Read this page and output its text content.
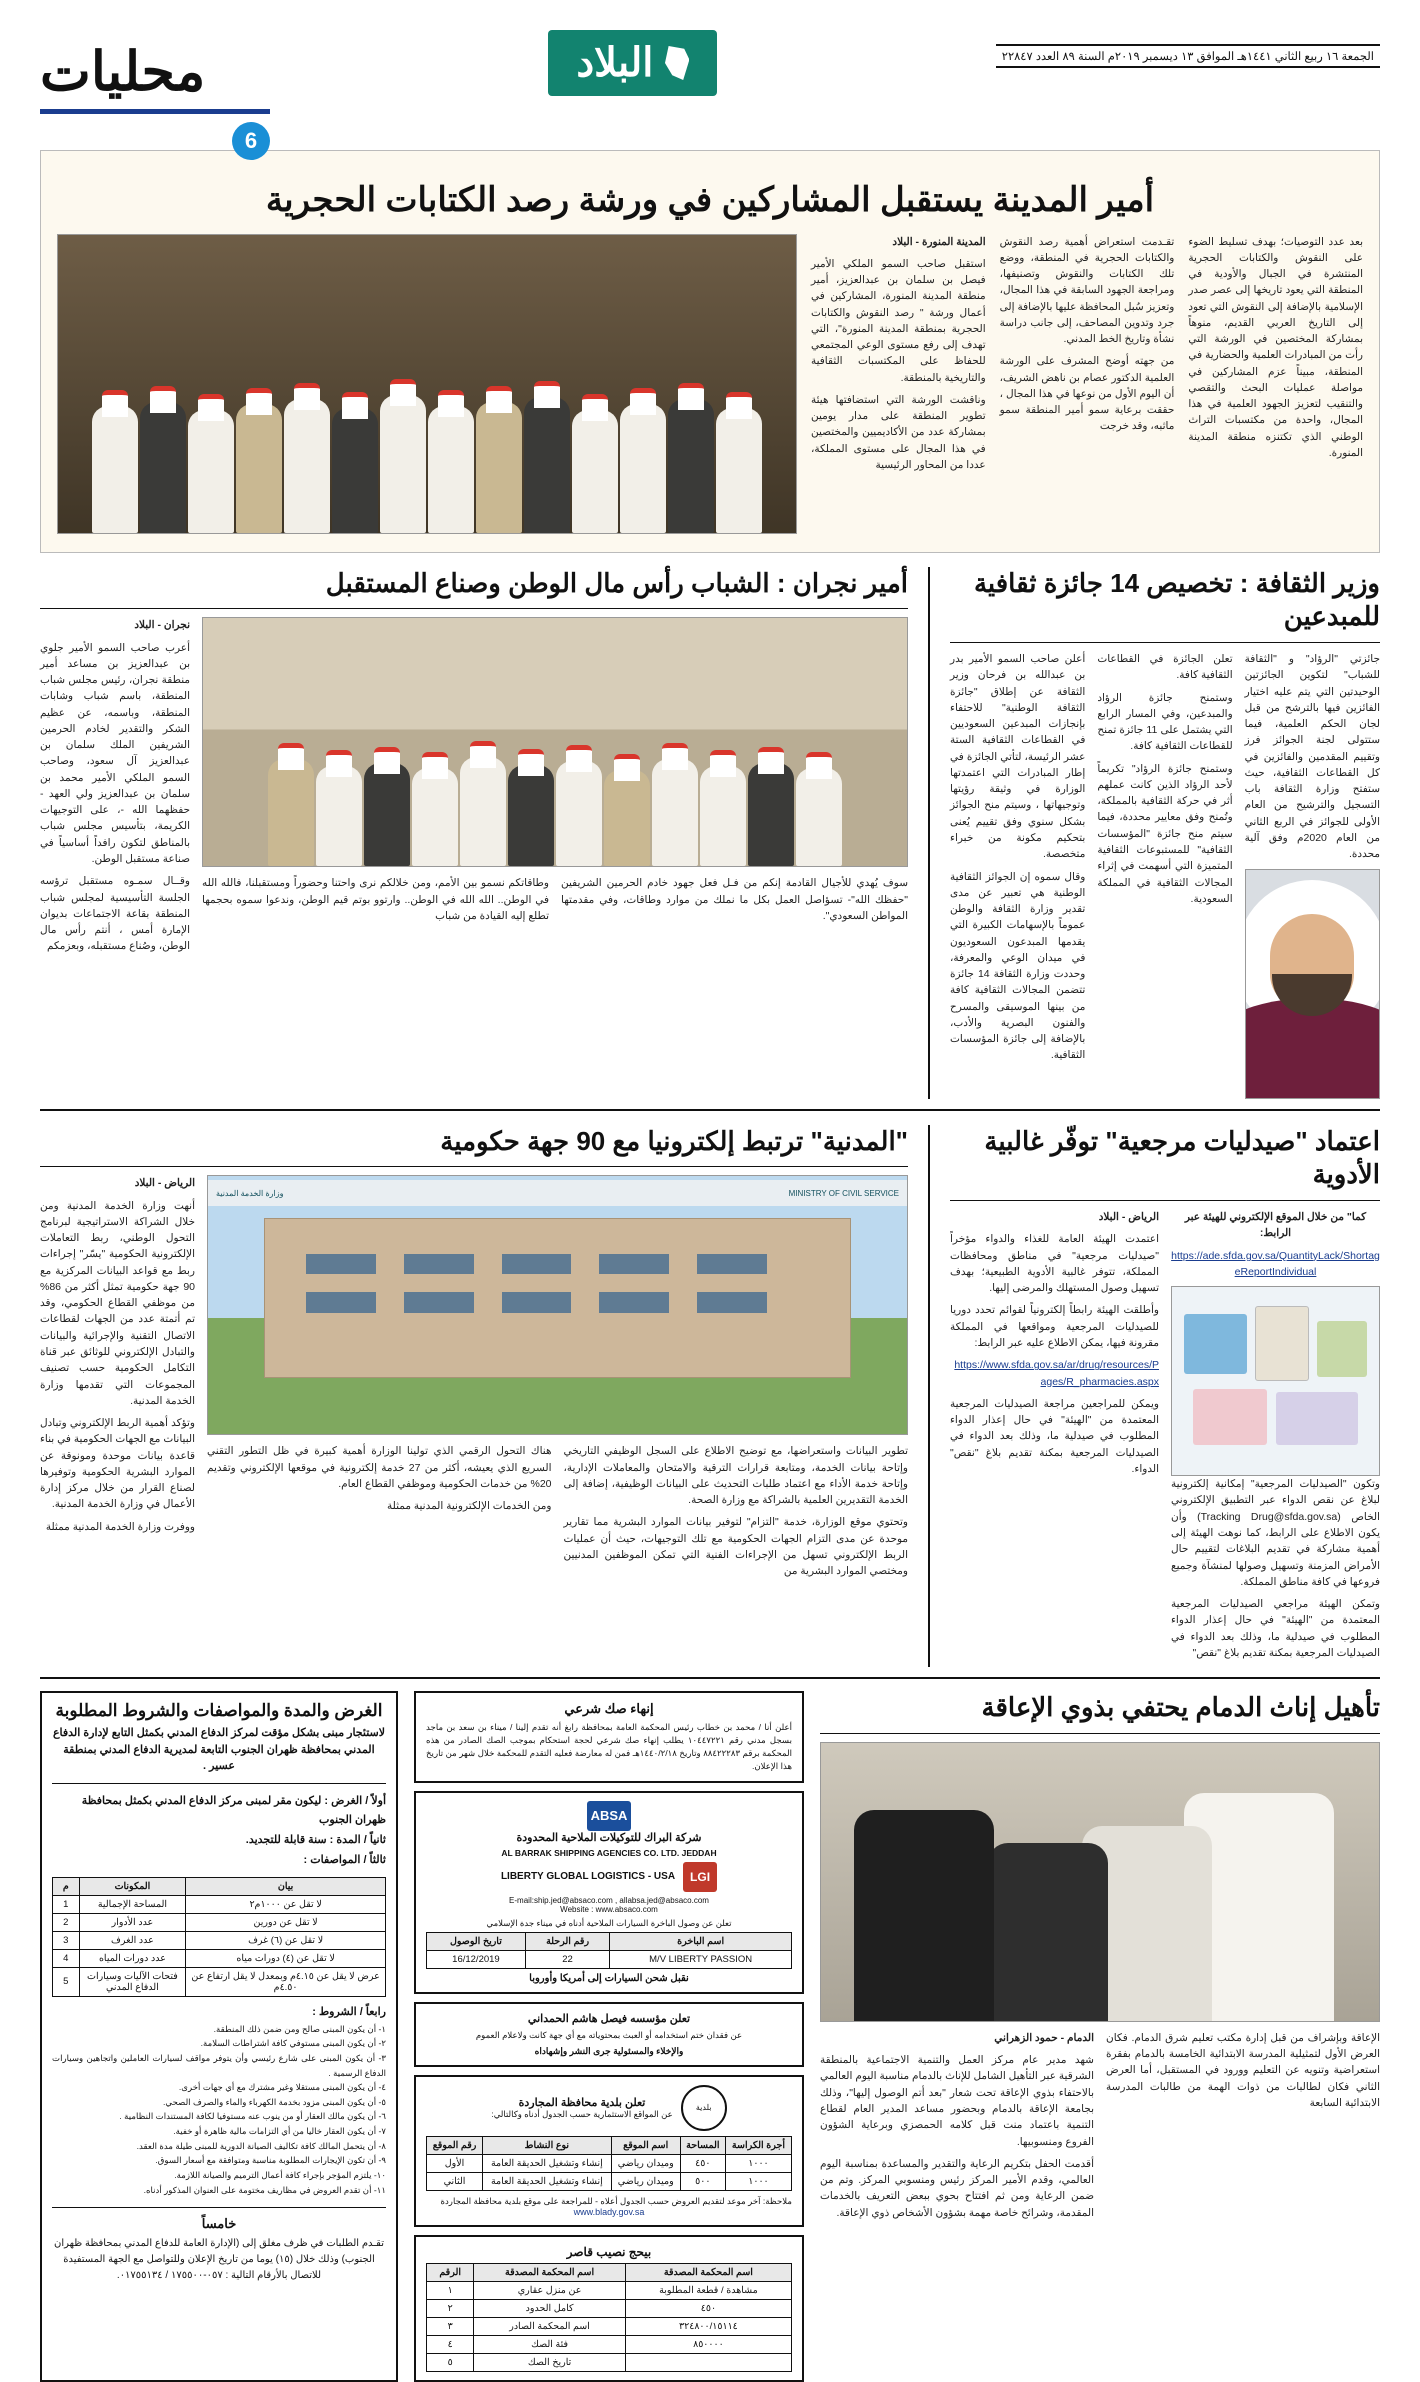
الجمعة ١٦ ربيع الثاني ١٤٤١هـ الموافق ١٣ ديسمبر ٢٠١٩م السنة ٨٩ العدد ٢٢٨٤٧
البلاد
محليات
6
أمير المدينة يستقبل المشاركين في ورشة رصد الكتابات الحجرية

بعد عدد التوصيات؛ بهدف تسليط الضوء على النقوش والكتابات الحجرية المنتشرة في الجبال والأودية في المنطقة التي يعود تاريخها إلى عصر صدر الإسلامية بالإضافة إلى النقوش التي تعود إلى التاريخ العربي القديم، منوهاً بمشاركة المختصين في الورشة التي رأت من المبادرات العلمية والحضارية في المنطقة، مبيناً عزم المشاركين في مواصلة عمليات البحث والتقصي والتنقيب لتعزيز الجهود العلمية في هذا المجال، واحدة من مكتسبات التراث الوطني الذي تكتنزه منطقة المدينة المنورة.

تقـدمت استعراض أهمية رصد النقوش والكتابات الحجرية في المنطقة، ووضع تلك الكتابات والنقوش وتصنيفها، ومراجعة الجهود السابقة في هذا المجال، وتعزيز سُبل المحافظة عليها بالإضافة إلى جرد وتدوين المصاحف، إلى جانب دراسة نشأة وتاريخ الخط المدني.

من جهته أوضح المشرف على الورشة العلمية الدكتور عصام بن ناهض الشريف، أن اليوم الأول من نوعها في هذا المجال ، حققت برعاية سمو أمير المنطقة سمو ماثبه، وقد خرجت

المدينة المنورة - البلاد

استقبل صاحب السمو الملكي الأمير فيصل بن سلمان بن عبدالعزيز، أمير منطقة المدينة المنورة، المشاركين في أعمال ورشة " رصد النقوش والكتابات الحجرية بمنطقة المدينة المنورة"، التي تهدف إلى رفع مستوى الوعي المجتمعي للحفاظ على المكتسبات الثقافية والتاريخية بالمنطقة.

وناقشت الورشة التي استضافتها هيئة تطوير المنطقة على مدار يومين بمشاركة عدد من الأكاديميين والمختصين في هذا المجال على مستوى المملكة، عددا من المحاور الرئيسية

وزير الثقافة : تخصيص 14 جائزة ثقافية للمبدعين

جائزتي "الرؤاد" و "الثقافة للشباب" لتكوين الجائزتين الوحيدتين التي يتم عليه اختيار الفائزين فيها بالترشح من قبل لجان الحكم العلمية، فيما ستتولى لجنة الجوائز فرز وتقييم المقدمين والفائزين في كل القطاعات الثقافية، حيث ستفتح وزارة الثقافة باب التسجيل والترشيح من العام الأولى للجوائز في الربع الثاني من العام 2020م وفق آلية محددة.

تعلن الجائزة في القطاعات الثقافية كافة.

وستمنح جائزة الرؤاد والمبدعين، وفي المسار الرابع التي يشتمل على 11 جائزة تمنح للقطاعات الثقافية كافة.

وستمنح جائزة الرؤاد" تكريماً لأحد الرؤاد الذين كانت عملهم أثر في حركة الثقافية بالمملكة، وتُمنح وفق معايير محددة، فيما سيتم منح جائزة "المؤسسات الثقافية" للمستبوعات الثقافية المتميزة التي أسهمت في إثراء المجالات الثقافية في المملكة السعودية.

أعلن صاحب السمو الأمير بدر بن عبدالله بن فرحان وزير الثقافة عن إطلاق "جائزة الثقافة الوطنية" للاحتفاء بإنجازات المبدعين السعوديين في القطاعات الثقافية الستة عشر الرئيسة، لتأتي الجائزة في إطار المبادرات التي اعتمدتها الوزارة في وثيقة رؤيتها وتوجيهاتها ، وسيتم منح الجوائز بشكل سنوي وفق تقييم يُعنى بتحكيم مكونة من خبراء متخصصة.

وقال سموه إن الجوائز الثقافية الوطنية هي تعبير عن مدى تقدير وزارة الثقافة والوطن عموماً بالإسهامات الكبيرة التي يقدمها المبدعون السعوديون في ميدان الوعي والمعرفة، وحددت وزارة الثقافة 14 جائزة تتضمن المجالات الثقافية كافة من بينها الموسيقى والمسرح والفنون البصرية والأدب، بالإضافة إلى جائزة المؤسسات الثقافية.

أمير نجران : الشباب رأس مال الوطن وصناع المستقبل

سوف يُهدي للأجيال القادمة إنكم من فـل فعل جهود خادم الحرمين الشريفين "حفظك الله"- تسؤاصل العمل بكل ما نملك من موارد وطاقات، وفي مقدمتها المواطن السعودي".

وطاقاتكم نسمو بين الأمم، ومن خلالكم نرى واحتنا وحضوراً ومستقبلنا، فالله الله في الوطن.. الله الله في الوطن.. وارتوو بوتم قيم الوطن، وندعوا سموه بحجمها تطلع إليه القيادة من شباب

نجران - البلاد

أعرب صاحب السمو الأمير جلوي بن عبدالعزيز بن مساعد أمير منطقة نجران، رئيس مجلس شباب المنطقة، باسم شباب وشابات المنطقة، وباسمه، عن عظيم الشكر والتقدير لخادم الحرمين الشريفين الملك سلمان بن عبدالعزيز آل سعود، وصاحب السمو الملكي الأمير محمد بن سلمان بن عبدالعزيز ولي العهد - حفظهما الله -، على التوجيهات الكريمة، بتأسيس مجلس شباب بالمناطق لتكون رافداً أساسياً في صناعة مستقبل الوطن.

وقــال سمـوه مستقبل ترؤسه الجلسة التأسيسية لمجلس شباب المنطقة بقاعة الاجتماعات بديوان الإمارة أمس ، أنتم رأس مال الوطن، وصُناع مستقبله، وبعزمكم

اعتماد "صيدليات مرجعية" توفّر غالبية الأدوية

كما" من خلال الموقع الإلكتروني للهيئة عبر الرابط:

https://ade.sfda.gov.sa/QuantityLack/ShortageReportIndividual

وتكون "الصيدليات المرجعية" إمكانية إلكترونية لبلاغ عن نقص الدواء عبر التطبيق الإلكتروني الخاص (Tracking Drug@sfda.gov.sa) وأن يكون الاطلاع على الرابط، كما نوهت الهيئة إلى أهمية مشاركة في تقديم البلاغات لتقييم حال الأمراض المزمنة وتسهيل وصولها لمنشآة وجميع فروعها في كافة مناطق المملكة.

وتمكن الهيئة مراجعي الصيدليات المرجعية المعتمدة من "الهيئة" في حال إعذار الدواء المطلوب في صيدلية ما، وذلك بعد الدواء في الصيدليات المرجعية بمكنة تقديم بلاغ "نقص"

الرياض - البلاد

اعتمدت الهيئة العامة للغذاء والدواء مؤخراً "صيدليات مرجعية" في مناطق ومحافظات المملكة، تتوفر غالبية الأدوية الطبيعية؛ بهدف تسهيل وصول المستهلك والمرضى إليها.

وأطلقت الهيئة رابطاً إلكترونياً لقوائم تحدد دوريا للصيدليات المرجعية ومواقعها في المملكة مقرونة فيها، يمكن الاطلاع عليه عبر الرابط:

https://www.sfda.gov.sa/ar/drug/resources/Pages/R_pharmacies.aspx

ويمكن للمراجعين مراجعة الصيدليات المرجعية المعتمدة من "الهيئة" في حال إعذار الدواء المطلوب في صيدلية ما، وذلك بعد الدواء في الصيدليات المرجعية بمكنة تقديم بلاغ "نقص" الدواء.

"المدنية" ترتبط إلكترونيا مع 90 جهة حكومية
MINISTRY OF CIVIL SERVICE
وزارة الخدمة المدنية

تطوير البيانات واستعراضها، مع توضيح الاطلاع على السجل الوظيفي التاريخي وإتاحة بيانات الخدمة، ومتابعة قرارات الترقية والامتحان والمعاملات الإدارية، وإتاحة خدمة الأداء مع اعتماد طلبات التحديث على البيانات الوظيفية، إضافة إلى الخدمة التقديرين العلمية بالشراكة مع وزارة الصحة.

وتحتوي موقع الوزارة، خدمة "التزام" لتوفير بيانات الموارد البشرية مما تقارير موحدة عن مدى التزام الجهات الحكومية مع تلك التوجيهات، حيث أن عمليات الربط الإلكتروني تسهل من الإجراءات الفنية التي تمكن الموظفين المدنيين ومختصي الموارد البشرية من

هناك التحول الرقمي الذي تولينا الوزارة أهمية كبيرة في ظل التطور التقني السريع الذي يعيشه، أكثر من 27 خدمة إلكترونية في موقعها الإلكتروني وتقديم 20% من خدمات الحكومية وموظفي القطاع العام.

ومن الخدمات الإلكترونية المدنية ممثلة

الرياض - البلاد

أنهت وزارة الخدمة المدنية ومن خلال الشراكة الاستراتيجية لبرنامج التحول الوطني، ربط التعاملات الإلكترونية الحكومية "يسّر" إجراءات ربط مع قواعد البيانات المركزية مع 90 جهة حكومية تمثل أكثر من 86% من موظفي القطاع الحكومي، وقد تم أتمتة عدد من الجهات لقطاعات الاتصال التقنية والإجرائية والبيانات والتبادل الإلكتروني للوثائق عبر قناة التكامل الحكومية حسب تصنيف المجموعات التي تقدمها وزارة الخدمة المدنية.

وتؤكد أهمية الربط الإلكتروني وتبادل البيانات مع الجهات الحكومية في بناء قاعدة بيانات موحدة ومونوقة عن الموارد البشرية الحكومية وتوفيرها لصناع القرار من خلال مركز إدارة الأعمال في وزارة الخدمة المدنية.

ووفرت وزارة الخدمة المدنية ممثلة

تأهيل إناث الدمام يحتفي بذوي الإعاقة

الإعاقة وبإشراف من قبل إدارة مكتب تعليم شرق الدمام. فكان العرض الأول لتمثيلية المدرسة الابتدائية الخامسة بالدمام بفقرة استعراضية وتنويه عن التعليم وورود في المستقبل، أما العرض الثاني فكان لطالبات من ذوات الهمة من طالبات المدرسة الابتدائية السابعة

الدمام - حمود الزهراني

شهد مدير عام مركز العمل والتنمية الاجتماعية بالمنطقة الشرقية عبر التأهيل الشامل للإناث بالدمام مناسبة اليوم العالمي بالاحتفاء بذوي الإعاقة تحت شعار "بعد أتم الوصول إليها"، وذلك بجامعة الإعاقة بالدمام وبحضور مساعد المدير العام لقطاع التنمية باعتماد منت قبل كلامه الحمصزي وبرعاية الشؤون الفروع ومنسوبيها.

أقدمت الحفل بتكريم الرعاية والتقدير والمساعدة بمناسبة اليوم العالمي، وقدم الأمير المركز رئيس ومنسوبي المركز. وتم من ضمن الرعاية ومن ثم افتتاح بحوي ببعض التعريف بالخدمات المقدمة، وشرائح خاصة مهمة بشؤون الأشخاص ذوي الإعاقة.

إنهاء صك شرعي
أعلن أنا / محمد بن خطاب رئيس المحكمة العامة بمحافظة رابغ أنه تقدم إلينا / ميناء بن سعد بن ماجد بسجل مدني رقم ١٠٤٤٧٢٢١ يطلب إنهاء صك شرعي لحجة استحكام بموجب الصك الصادر من هذه المحكمة برقم ٨٨٤٢٢٢٨٣ وتاريخ ١٤٤٠/٢/١٨هـ فمن له معارضة فعليه التقدم للمحكمة خلال شهر من تاريخ هذا الإعلان.
ABSA
شركة البراك للتوكيلات الملاحية المحدودة
AL BARRAK SHIPPING AGENCIES CO. LTD. JEDDAH
LGI
LIBERTY GLOBAL LOGISTICS - USA
E-mail:ship.jed@absaco.com , allabsa.jed@absaco.com
Website : www.absaco.com
تعلن عن وصول الباخرة السيارات الملاحية أدناه في ميناء جدة الإسلامي
اسم الباخرة	رقم الرحلة	تاريخ الوصول
M/V LIBERTY PASSION	22	16/12/2019
نقبل شحن السيارات إلى أمريكا وأوروبا
تعلن مؤسسه فيصل هاشم الحمداني
عن فقدان ختم استخدامه أو العبث بمحتوياته مع أي جهة كانت ولاعلام العموم
والإخلاء والمسئولية جرى النشر وإشهاداه
بلدية
تعلن بلدية محافظة المجاردة
عن المواقع الاستثمارية حسب الجدول أدناه وكالتالي:
أجرة الكراسة	المساحة	اسم الموقع	نوع النشاط	رقم الموقع
١٠٠٠	٤٥٠	وميدان رياضي	إنشاء وتشغيل الحديقة العامة	الأول
١٠٠٠	٥٠٠	وميدان رياضي	إنشاء وتشغيل الحديقة العامة	الثاني
ملاحظة: آخر موعد لتقديم العروض حسب الجدول أعلاه - للمراجعة على موقع بلدية محافظة المجاردة
www.blady.gov.sa
بيحج نصيب قاصر
اسم المحكمة المصدقة	اسم المحكمة المصدقة	الرقم
مشاهدة / قطعة المطلوبة	عن منزل عقاري	١
٤٥٠	كامل الحدود	٢
٣٢٤٨٠٠/١٥١١٤	اسم المحكمة الصادر	٣
٨٥٠٠٠٠	فئة الصك	٤
	تاريخ الصك	٥
الغرض والمدة والمواصفات والشروط المطلوبة
لاستئجار مبنى بشكل مؤقت لمركز الدفاع المدني بكمثل التابع لإدارة الدفاع المدني بمحافظة ظهران الجنوب التابعة لمديرية الدفاع المدني بمنطقة عسير .
أولاً / الغرض : ليكون مقر لمبنى مركز الدفاع المدني بكمثل بمحافظة ظهران الجنوب
ثانياً / المدة : سنة قابلة للتجديد.
ثالثاً / المواصفات :
بيان	المكونات	م
لا تقل عن ١٠٠٠م٢	المساحة الإجمالية	1
لا تقل عن دورين	عدد الأدوار	2
لا تقل عن (٦) غرف	عدد الغرف	3
لا تقل عن (٤) دورات مياه	عدد دورات المياه	4
عرض لا يقل عن ٤.١٥م وبمعدل لا يقل ارتفاع عن ٤.٥٠م	فتحات الآليات وسيارات الدفاع المدني	5
رابعاً / الشروط :
١- أن يكون المبنى صالح ومن ضمن ذلك المنطقة.
٢- أن يكون المبنى مستوفي كافة اشتراطات السلامة.
٣- أن يكون المبنى على شارع رئيسي وأن يتوفر مواقف لسيارات العاملين واتجاهين وسيارات الدفاع الرسمية .
٤- أن يكون المبنى مستقلا وغير مشترك مع أي جهات أخرى.
٥- أن يكون المبنى مزود بخدمة الكهرباء والماء والصرف الصحي.
٦- أن يكون مالك العقار أو من ينوب عنه مستوفيا لكافة المستندات النظامية .
٧- أن يكون العقار خاليا من أي التزامات مالية ظاهرة أو خفية.
٨- أن يتحمل المالك كافة تكاليف الصيانة الدورية للمبنى طيلة مدة العقد.
٩- أن تكون الإيجارات المطلوبة مناسبة ومتوافقة مع أسعار السوق.
١٠- يلتزم المؤجر بإجراء كافة أعمال الترميم والصيانة اللازمة.
١١- أن تقدم العروض في مظاريف مختومة على العنوان المذكور أدناه.
خامساً
تقـدم الطلبات في ظرف مغلق إلى (الإدارة العامة للدفاع المدني بمحافظة ظهران الجنوب) وذلك خلال (١٥) يوما من تاريخ الإعلان وللتواصل مع الجهة المستفيدة للاتصال بالأرقام التالية : ٠٥٧-١٧٥٥٠٠ / ٠١٧٥٥١٣٤.
